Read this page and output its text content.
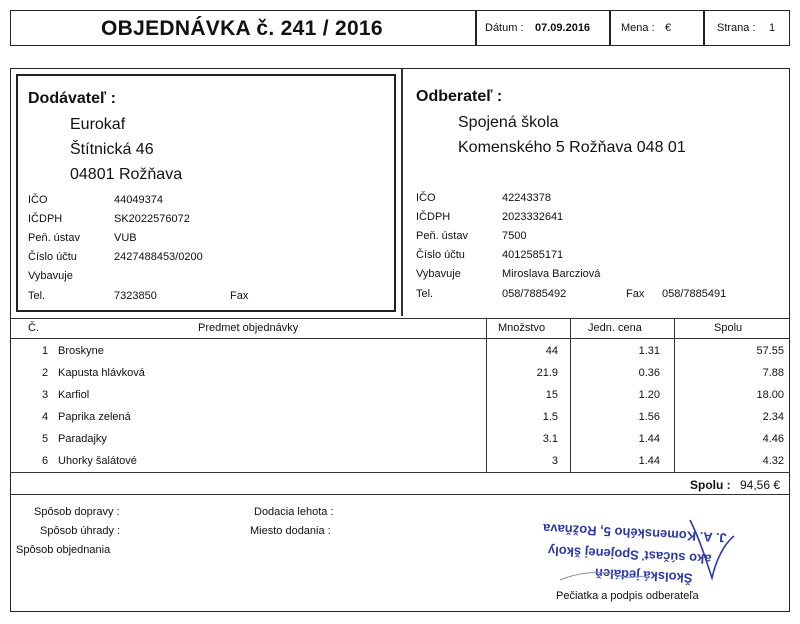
OBJEDNÁVKA č. 241 / 2016	Dátum : 07.09.2016	Mena : €	Strana : 1
Dodávateľ :
Eurokaf
Štítnická 46
04801 Rožňava
IČO	44049374
IČDPH	SK2022576072
Peň. ústav	VUB
Číslo účtu	2427488453/0200
Vybavuje
Tel.	7323850	Fax
Odberateľ :
Spojená škola
Komenského 5 Rožňava 048 01
IČO	42243378
IČDPH	2023332641
Peň. ústav	7500
Číslo účtu	4012585171
Vybavuje	Miroslava Barcziová
Tel.	058/7885492	Fax 058/7885491
Č.	Predmet objednávky	Množstvo	Jedn. cena	Spolu
1 Broskyne	44	1.31	57.55
2 Kapusta hlávková	21.9	0.36	7.88
3 Karfiol	15	1.20	18.00
4 Paprika zelená	1.5	1.56	2.34
5 Paradajky	3.1	1.44	4.46
6 Uhorky šalátové	3	1.44	4.32
Spolu : 94,56 €
Spôsob dopravy :
Spôsob úhrady :
Spôsob objednania
Dodacia lehota :
Miesto dodania :
Školská jedáleň
ako súčasť Spojenej školy
J. A. Komenského 5, Rožňava
Pečiatka a podpis odberateľa
